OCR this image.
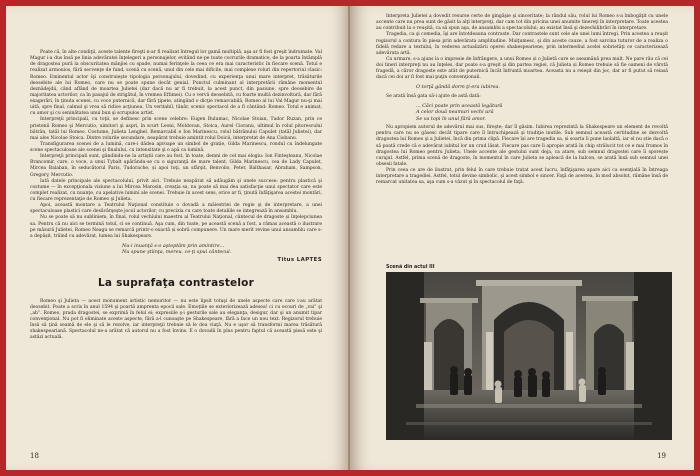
Poate că, în alte condiţii, aceste talente fireşti n-ar fi realizat întregul lor gamă multiplă, aşa ar fi fost greşit îndrumate. Val Magur i-a dus însă pe linia adevăratei înţelegeri a personajelor, evitând ne-pe toate cocrurile dramatice, de la poarta întâmplă de dragostea pură la obscuritatea mânjiei cu spade, numai ferinţele la ceea ce era mai caracteristic în fiecare scenă. Totul e realizat armonios, fără secvenţe de fund, scenă cu scenă, unul din cele mai dificile, mai complexe roluri din repertoriul clasic: Romeo. Eminentul actor îşi construieşte tipologia personajului, dovedind, cu experienţa unui mare interpret, trăsăturile deosebite ale lui Romeo, care nu se poate spune decât genial. Punctul culminant al interpretării rămâne momentul deznădejdii, când aflând de moartea Julietei (dar dacă nu ar fi trebuit, la acest punct, din pasiune, spre deosebire de majoritatea actorilor, ca în pasajul de strigătul, în vremea Eftimei). Cu o vervă deosebită, cu foarte multă dezinvoltură, dar fără exagerări, în ţinuta scenei, cu voce puternică, dar fără ţipete, atingând o dicţie remarcabilă, Romeo al lui Val Magur nu-şi mai uită, spre final, calmul şi vrea să ridice acţiunea. Un veritabil, tânăr, scenic spectacol de a fi cântând: Romeo. Totul e animat, cu amor şi cu seninătatea unui bun şi scrupulos artist.

Interpreţii principali, cu toţii, se definesc prin scene celebre: Eugen Bulumac, Nicolae Stoian, Tudor Ruzan, prin ce prietenii Romeo şi Mercutio, uimitori şi aspri, în scurt Leoni, Moldovan, Stoica, Aurel Cioranu, ultimul în rolul pitorescului bătrân, tatăl lui Romeo. Costume, Julieta Lenghel. Remarcabil e Ion Marinescu, rolul bătrânului Capulet (tatăl Julietei), dar mai ales Nicolae Stoica. Dintre rolurile secundare, neapărat trebuie amintit rolul Doicii, interpretat de Ana Ciobanu.

Transfigurarea scenei de a lumină, care-i dădea aproape un simbol de grație, Gilda Marinescu, rondul cu îndelungate scene spectaculoase ale scenei şi finalului, cu intensitate şi o apă ca lumină.

Interpreţii principali sunt, gândindu-ne la artiştii care au fost, în toate, demni de cel mai elogiu: Ion Finteşteanu, Nicolae Brancomir, care, o voce, a unui Tybalt apărându-se cu o siguranţă de mare talent, Gilda Marinescu, cea de Lady Capulet, Mircea Balaban, în seducătorul Paris, Tudorache, și apoi toţi, un sfârşit, Benvolio, Peter, Balthasar, Abraham, Sampson, Gregory, Mercutio.

Iată datele principale ale spectacolului, privit aici. Trebuie neapărat să adăugăm şi unele succese: pentru plastică şi costume — în excepţionala viziune a lui Mircea Marosin, creaţia sa, nu poate să mai dea satisfacţie unui spectator care este complet realizat, cu nuanţe, cu apelative lumini ale scenei. Trebuie în acest sens, orice ar fi, ţinută înfăţişarea acestei montări, cu fiecare reprezentaţie de Romeo şi Julieta.

Apoi, această montare a Teatrului Naţional constituie o dovadă a măiestriei de regie şi de interpretare, a unei spectaculoase plastici care desăvârşeşte jocul actorilor, cu precizia cu care toate detaliile se integrează în ansamblu.

Nu se poate să nu subliniem, în final, rolul vechiului maestru al Teatrului Naţional, cântecul de dragoste și înţelepciunea sa. Pentru că nu aici se termină totul, ci se continuă. Aşa cum, din toate, pe această scenă a fost, a rămas această o ilustrare pe măsură Julietei, Romeo Neagu se remarcă printr-o exactă și sobră compunere. Un mare merit revine unui ansamblu care s-a depășit, trăind cu adevărat, lumea lui Shakespeare.

Nu-i inuanţă s-o aşteptăm prin amintire...

Nu spune ştiinţa, mereu, ce-ţi spui cântecul.

Titus LAPTES
La suprafaţa contrastelor

Romeo şi Julieta — acest monument artistic nemuritor — nu este lipsit totuşi de unele aspecte care care i-au arătat deosebit. Poate a scris în anul 1594 şi poartă amprenta epocii sale. Emoţiile se exteriorizează adesea! ci cu ecouri de „vai” şi „ah”. Romeo, prada dragostei, se exprimă în felul ei; expresiile ş-i gesturile sale au eleganţa, desigur, dar şi un anumit tipar convenţional. Nu pot fi eliminate aceste aspecte, fără a-l cunoaşte pe Shakespeare, fără a face un nou text. Regizorul trebuie însă să ţină seamă de ele şi să le rezolve, iar interpreţii trebuie să le dea viaţă. Nu e uşor să transformi marea trăsătură shakespeariană. Spectacolul ne-a arătat că autorul nu a fost învins. E o dovadă în plus pentru faptul că această piesă este şi astăzi actuală.

18

Interpreta Julietei a dovedit resurse certe de gingăşie şi sinceritate; la rândul său, rolul lui Romeo s-a îmbogăţit cu unele accente care nu prea sunt de găsit la alţi interpreţi, dar cam tot din pricina unei anumite tinereţi în interpretare. Toate acestea au contribuit la o reuşită, ca să spun aşa, de ansamblu a spectacolului; au existat însă şi dezechilibrări în interpretare.

Tragedia, ca şi comedia, îşi are întotdeauna contraste. Dar contrastele sunt cele ale unei lumi întregi. Prin acestea a reuşit regizorul a contura în piesa prin adevărata amplitudine. Mulţumesc, şi din aceste cauze, a fost sarcina tuturor de a realiza o fidelă redare a textului, în vederea actualizării operei shakespeariene, prin intermediul acelei sobrietăţi ce caracterizează adevărata artă.

Ca urmare, s-a ajuns la o impresie de înfrângere, a unui Romeo și o Julietă care se aseamănă prea mult. Ne pare rău că cei doi tineri interpreţi nu au înţeles, dar poate s-a greşit şi din partea regiei, că Julieta și Romeo trebuie să fie oameni de vârstă fragedă, a căror dragoste este atât de puternică încât înfruntă moartea. Aceasta nu a reieşit din joc, dar ar fi putut să reiasă dacă cei doi ar fi fost mai puţin convenţionali.

O torţă gândă dorm ţi-era iubirea.

Se arată însă gata să-i ajute de astă dată:

... Căci poate prin această legătură

A celor două neamuri vechi ură

Se va topi în unul fără amor.

Nu apropiem autorul de adevărul mai sus, fireşte; dar îl găsim. Iubirea reprezintă la Shakespeare un element de revoltă pentru care nu se găsesc decât tipare care îl întruchipează şi tradiţie inutile. Sub semnul această certitudine se dezvoltă dragostea lui Romeo şi a Julietei, încă din prima clipă. Fiecare își are tragedia sa, și soarta îi pune laolaltă, iar el nu știe dacă o să poată crede că e adevărat iubitul lor un crud lăsat. Fiecare pas care îi apropie arată în chip strălucit tot ce e mai frumos în dragostea lui Romeo pentru Julieta. Unele accente ale gestului sunt deja, ca atare, sub semnul dragostei care îi sporește curajul. Astfel, prima scenă de dragoste, în momentul în care Julieta se apleacă de la balcon, se arată însă sub semnul unei obsesii fatale.

Prin ceea ce are de ilustrat, prin felul în care trebuie tratat acest lucru, înfăţişarea apare aici ca esenţială în întreaga interpretare a tragediei. Astfel, totul devine simbolic, şi acest simbol e sincer. Faţă de acestea, în mod absolut, rămâne însă de remarcat unitatea sa, aşa cum s-a văzut şi în spectacolul de faţă.

Scenă din actul III
19
